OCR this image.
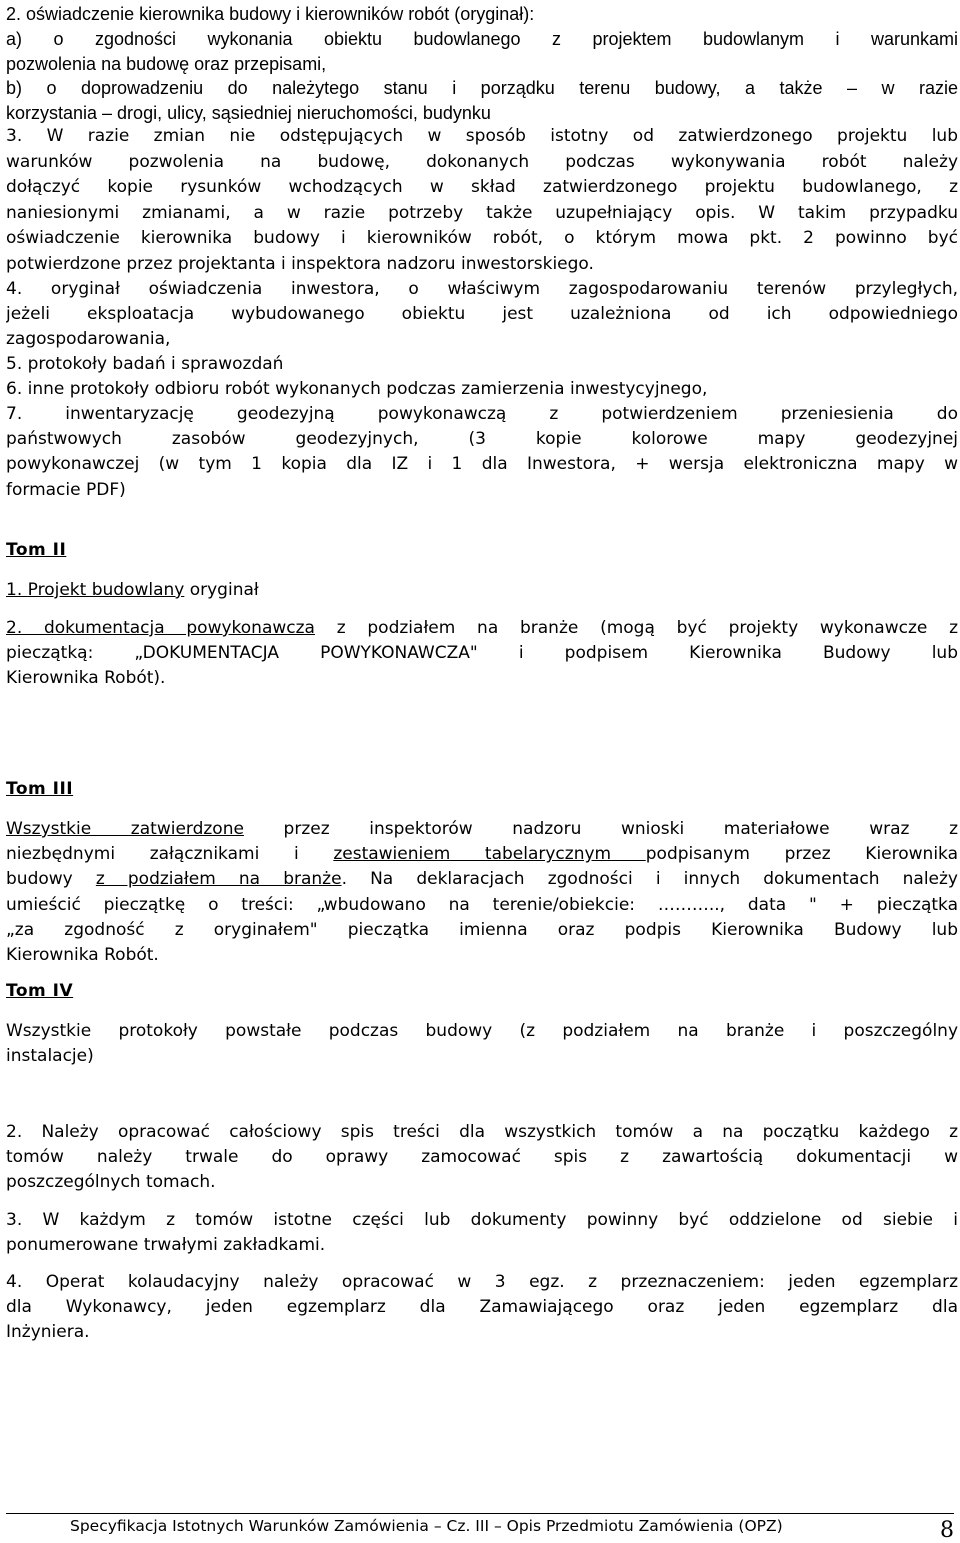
2. oświadczenie kierownika budowy i kierowników robót (oryginał):
a) o zgodności wykonania obiektu budowlanego z projektem budowlanym i warunkami
pozwolenia na budowę oraz przepisami,
b) o doprowadzeniu do należytego stanu i porządku terenu budowy, a także – w razie
korzystania – drogi, ulicy, sąsiedniej nieruchomości, budynku
3. W razie zmian nie odstępujących w sposób istotny od zatwierdzonego projektu lub
warunków pozwolenia na budowę, dokonanych podczas wykonywania robót należy
dołączyć kopie rysunków wchodzących w skład zatwierdzonego projektu budowlanego, z
naniesionymi zmianami, a w razie potrzeby także uzupełniający opis. W takim przypadku
oświadczenie kierownika budowy i kierowników robót, o którym mowa pkt. 2 powinno być
potwierdzone przez projektanta i inspektora nadzoru inwestorskiego.
4. oryginał oświadczenia inwestora, o właściwym zagospodarowaniu terenów przyległych,
jeżeli eksploatacja wybudowanego obiektu jest uzależniona od ich odpowiedniego
zagospodarowania,
5. protokoły badań i sprawozdań
6. inne protokoły odbioru robót wykonanych podczas zamierzenia inwestycyjnego,
7. inwentaryzację geodezyjną powykonawczą z potwierdzeniem przeniesienia do
państwowych zasobów geodezyjnych, (3 kopie kolorowe mapy geodezyjnej
powykonawczej (w tym 1 kopia dla IZ i 1 dla Inwestora, + wersja elektroniczna mapy w
formacie PDF)
Tom II
1. Projekt budowlany oryginał
2. dokumentacja powykonawcza z podziałem na branże (mogą być projekty wykonawcze z
pieczątką: „DOKUMENTACJA POWYKONAWCZA" i podpisem Kierownika Budowy lub
Kierownika Robót).
Tom III
Wszystkie zatwierdzone przez inspektorów nadzoru wnioski materiałowe wraz z
niezbędnymi załącznikami i zestawieniem tabelarycznym podpisanym przez Kierownika
budowy z podziałem na branże. Na deklaracjach zgodności i innych dokumentach należy
umieścić pieczątkę o treści: „wbudowano na terenie/obiekcie: ……….., data " + pieczątka
„za zgodność z oryginałem" pieczątka imienna oraz podpis Kierownika Budowy lub
Kierownika Robót.
Tom IV
Wszystkie protokoły powstałe podczas budowy (z podziałem na branże i poszczególny
instalacje)
2. Należy opracować całościowy spis treści dla wszystkich tomów a na początku każdego z
tomów należy trwale do oprawy zamocować spis z zawartością dokumentacji w
poszczególnych tomach.
3. W każdym z tomów istotne części lub dokumenty powinny być oddzielone od siebie i
ponumerowane trwałymi zakładkami.
4. Operat kolaudacyjny należy opracować w 3 egz. z przeznaczeniem: jeden egzemplarz
dla Wykonawcy, jeden egzemplarz dla Zamawiającego oraz jeden egzemplarz dla
Inżyniera.
Specyfikacja Istotnych Warunków Zamówienia – Cz. III – Opis Przedmiotu Zamówienia (OPZ)	8
